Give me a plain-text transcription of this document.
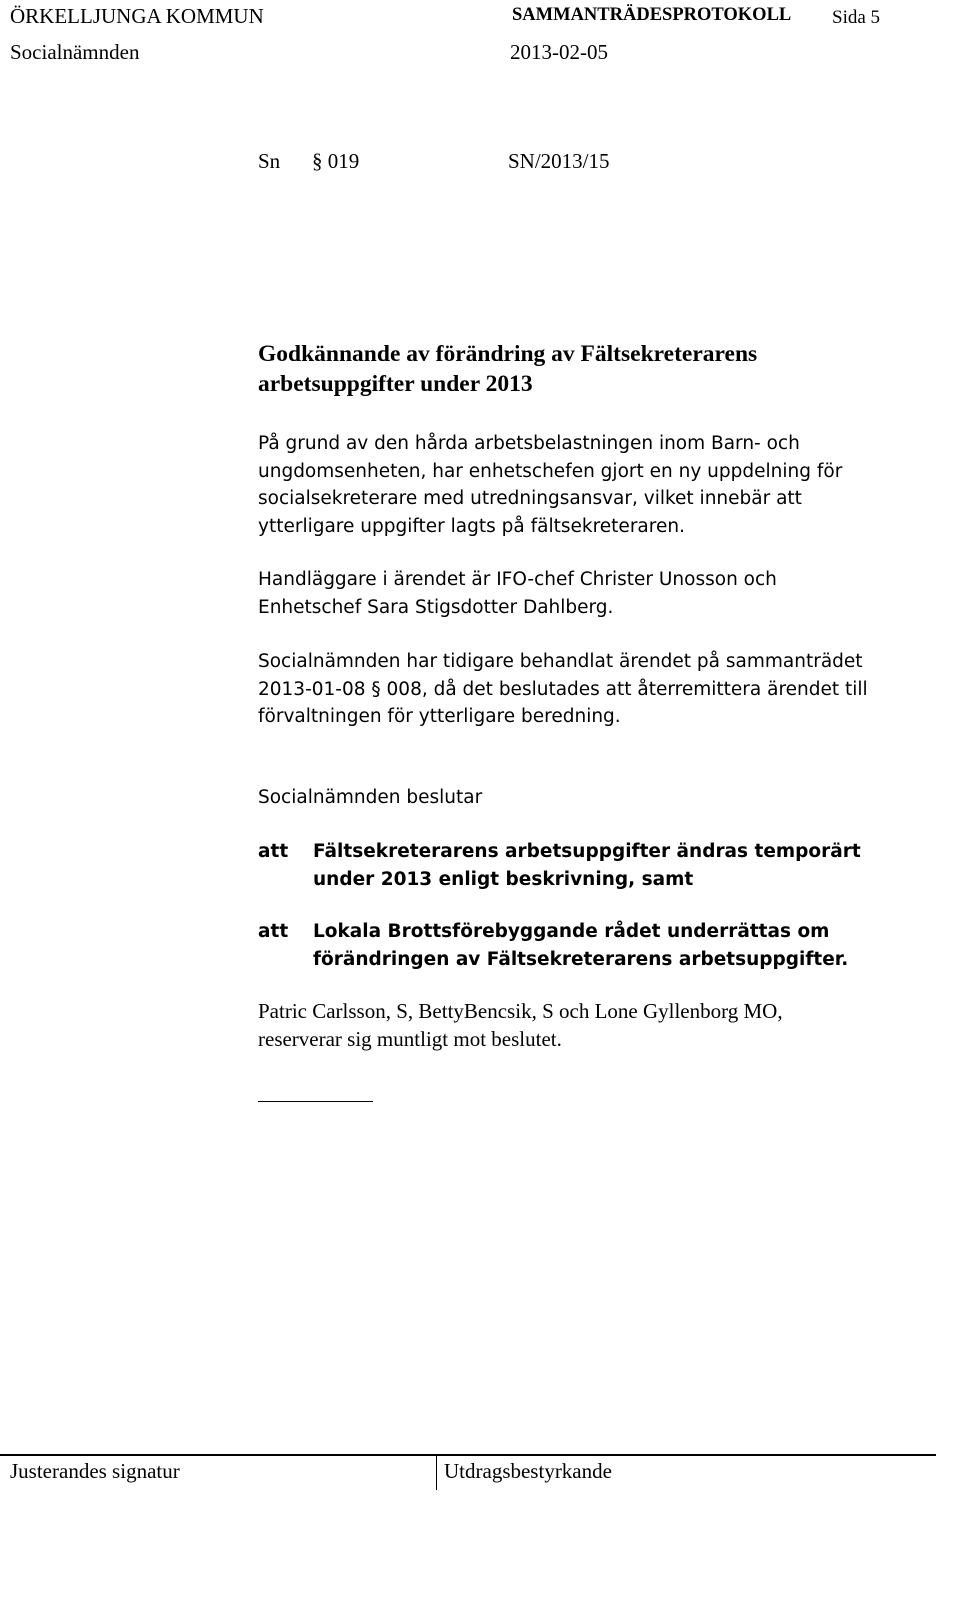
ÖRKELLJUNGA KOMMUN	SAMMANTRÄDESPROTOKOLL Sida 5
Socialnämnden	2013-02-05
Sn § 019	SN/2013/15
Godkännande av förändring av Fältsekreterarens
arbetsuppgifter under 2013
På grund av den hårda arbetsbelastningen inom Barn- och
ungdomsenheten, har enhetschefen gjort en ny uppdelning för
socialsekreterare med utredningsansvar, vilket innebär att
ytterligare uppgifter lagts på fältsekreteraren.
Handläggare i ärendet är IFO-chef Christer Unosson och
Enhetschef Sara Stigsdotter Dahlberg.
Socialnämnden har tidigare behandlat ärendet på sammanträdet
2013-01-08 § 008, då det beslutades att återremittera ärendet till
förvaltningen för ytterligare beredning.
Socialnämnden beslutar
att Fältsekreterarens arbetsuppgifter ändras temporärt
under 2013 enligt beskrivning, samt
att Lokala Brottsförebyggande rådet underrättas om
förändringen av Fältsekreterarens arbetsuppgifter.
Patric Carlsson, S, BettyBencsik, S och Lone Gyllenborg MO,
reserverar sig muntligt mot beslutet.
Justerandes signatur	Utdragsbestyrkande
